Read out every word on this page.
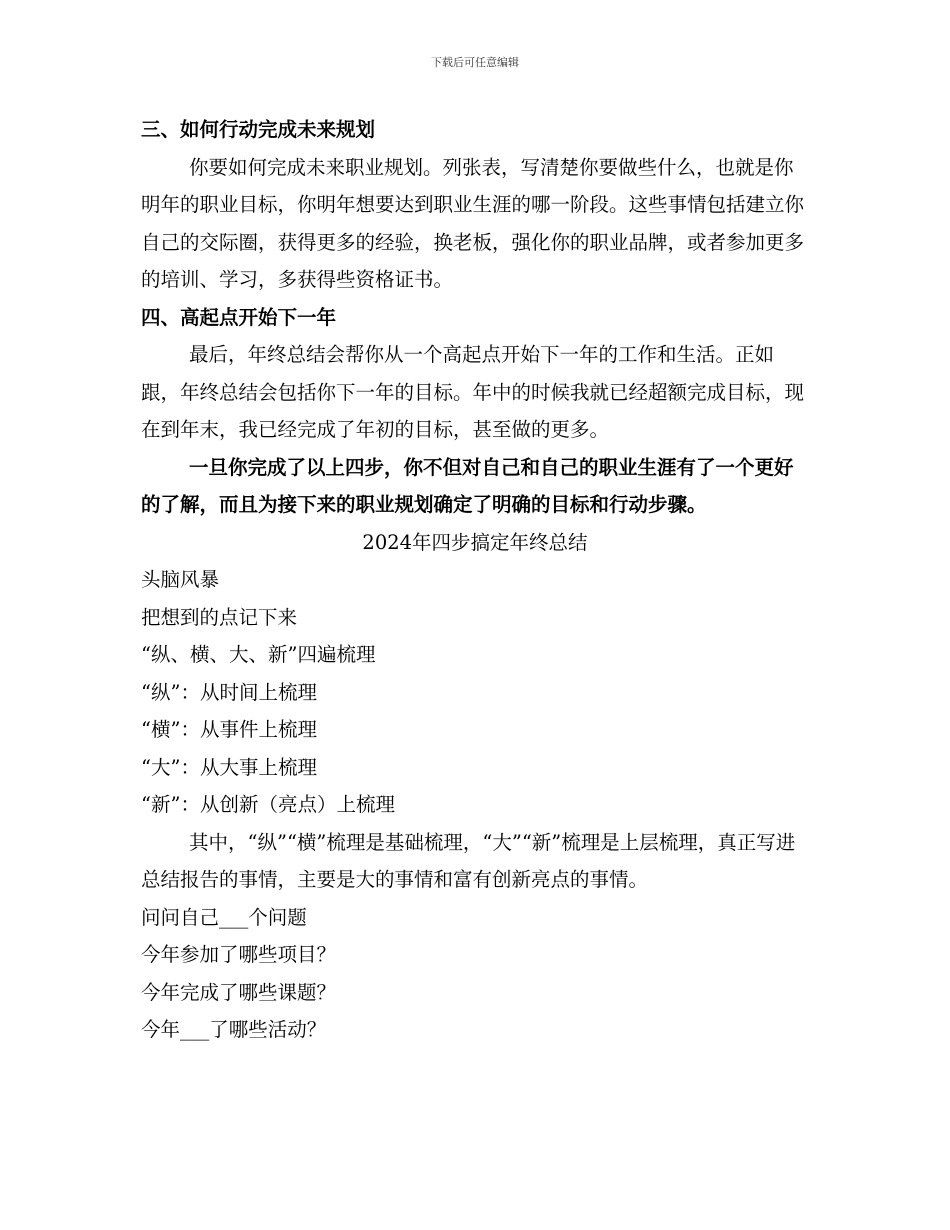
下载后可任意编辑

三、如何行动完成未来规划

你要如何完成未来职业规划。列张表，写清楚你要做些什么，也就是你明年的职业目标，你明年想要达到职业生涯的哪一阶段。这些事情包括建立你自己的交际圈，获得更多的经验，换老板，强化你的职业品牌，或者参加更多的培训、学习，多获得些资格证书。

四、高起点开始下一年

最后，年终总结会帮你从一个高起点开始下一年的工作和生活。正如跟，年终总结会包括你下一年的目标。年中的时候我就已经超额完成目标，现在到年末，我已经完成了年初的目标，甚至做的更多。

一旦你完成了以上四步，你不但对自己和自己的职业生涯有了一个更好的了解，而且为接下来的职业规划确定了明确的目标和行动步骤。

2024年四步搞定年终总结

头脑风暴

把想到的点记下来

“纵、横、大、新”四遍梳理

“纵”：从时间上梳理

“横”：从事件上梳理

“大”：从大事上梳理

“新”：从创新（亮点）上梳理

其中，“纵”“横”梳理是基础梳理，“大”“新”梳理是上层梳理，真正写进总结报告的事情，主要是大的事情和富有创新亮点的事情。

问问自己___个问题

今年参加了哪些项目？

今年完成了哪些课题？

今年___了哪些活动？
